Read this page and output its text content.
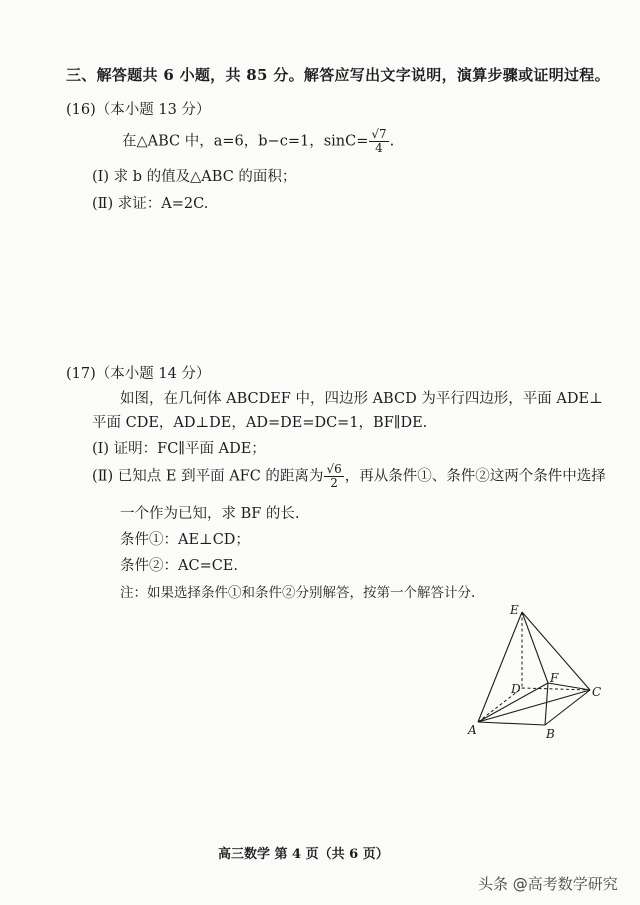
三、解答题共 6 小题，共 85 分。解答应写出文字说明，演算步骤或证明过程。
(16)（本小题 13 分）
在△ABC 中，a=6，b−c=1，$\sin C= \frac{√7}{4}$ .
(Ⅰ) 求 b 的值及△ABC 的面积；
(Ⅱ) 求证：A=2C.
(17)（本小题 14 分）
如图，在几何体 ABCDEF 中，四边形 ABCD 为平行四边形，平面 ADE⊥
平面 CDE，AD⊥DE，AD=DE=DC=1，BF∥DE.
(Ⅰ) 证明：FC∥平面 ADE；
(Ⅱ) 已知点 E 到平面 AFC 的距离为 $\frac{√6}{2}$ ，再从条件①、条件②这两个条件中选择
一个作为已知，求 BF 的长.
条件①：AE⊥CD；
条件②：AC=CE.
注：如果选择条件①和条件②分别解答，按第一个解答计分.
E
F
C
D
A	B
高三数学 第 4 页（共 6 页）
头条 @高考数学研究
